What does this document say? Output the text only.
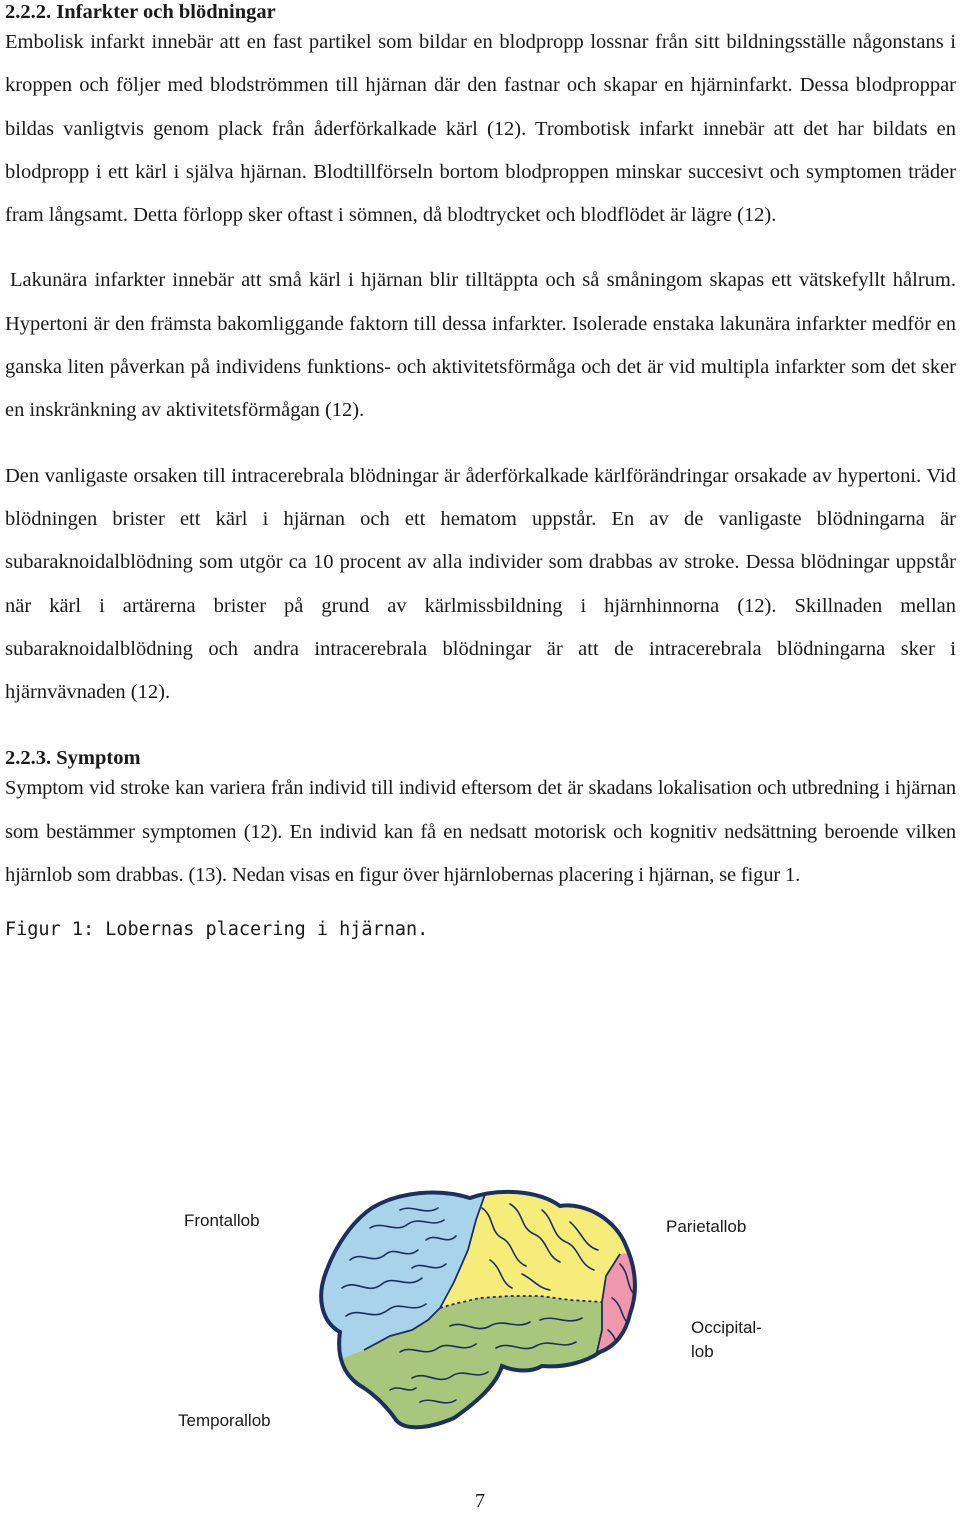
2.2.2. Infarkter och blödningar

Embolisk infarkt innebär att en fast partikel som bildar en blodpropp lossnar från sitt bildningsställe någonstans i kroppen och följer med blodströmmen till hjärnan där den fastnar och skapar en hjärninfarkt. Dessa blodproppar bildas vanligtvis genom plack från åderförkalkade kärl (12). Trombotisk infarkt innebär att det har bildats en blodpropp i ett kärl i själva hjärnan. Blodtillförseln bortom blodproppen minskar succesivt och symptomen träder fram långsamt. Detta förlopp sker oftast i sömnen, då blodtrycket och blodflödet är lägre (12).

Lakunära infarkter innebär att små kärl i hjärnan blir tilltäppta och så småningom skapas ett vätskefyllt hålrum. Hypertoni är den främsta bakomliggande faktorn till dessa infarkter. Isolerade enstaka lakunära infarkter medför en ganska liten påverkan på individens funktions- och aktivitetsförmåga och det är vid multipla infarkter som det sker en inskränkning av aktivitetsförmågan (12).

Den vanligaste orsaken till intracerebrala blödningar är åderförkalkade kärlförändringar orsakade av hypertoni. Vid blödningen brister ett kärl i hjärnan och ett hematom uppstår. En av de vanligaste blödningarna är subaraknoidalblödning som utgör ca 10 procent av alla individer som drabbas av stroke. Dessa blödningar uppstår när kärl i artärerna brister på grund av kärlmissbildning i hjärnhinnorna (12). Skillnaden mellan subaraknoidalblödning och andra intracerebrala blödningar är att de intracerebrala blödningarna sker i hjärnvävnaden (12).

2.2.3. Symptom

Symptom vid stroke kan variera från individ till individ eftersom det är skadans lokalisation och utbredning i hjärnan som bestämmer symptomen (12). En individ kan få en nedsatt motorisk och kognitiv nedsättning beroende vilken hjärnlob som drabbas. (13). Nedan visas en figur över hjärnlobernas placering i hjärnan, se figur 1.

Figur 1: Lobernas placering i hjärnan.

Frontallob	Parietallob
Occipital-
lob
Temporallob
7
